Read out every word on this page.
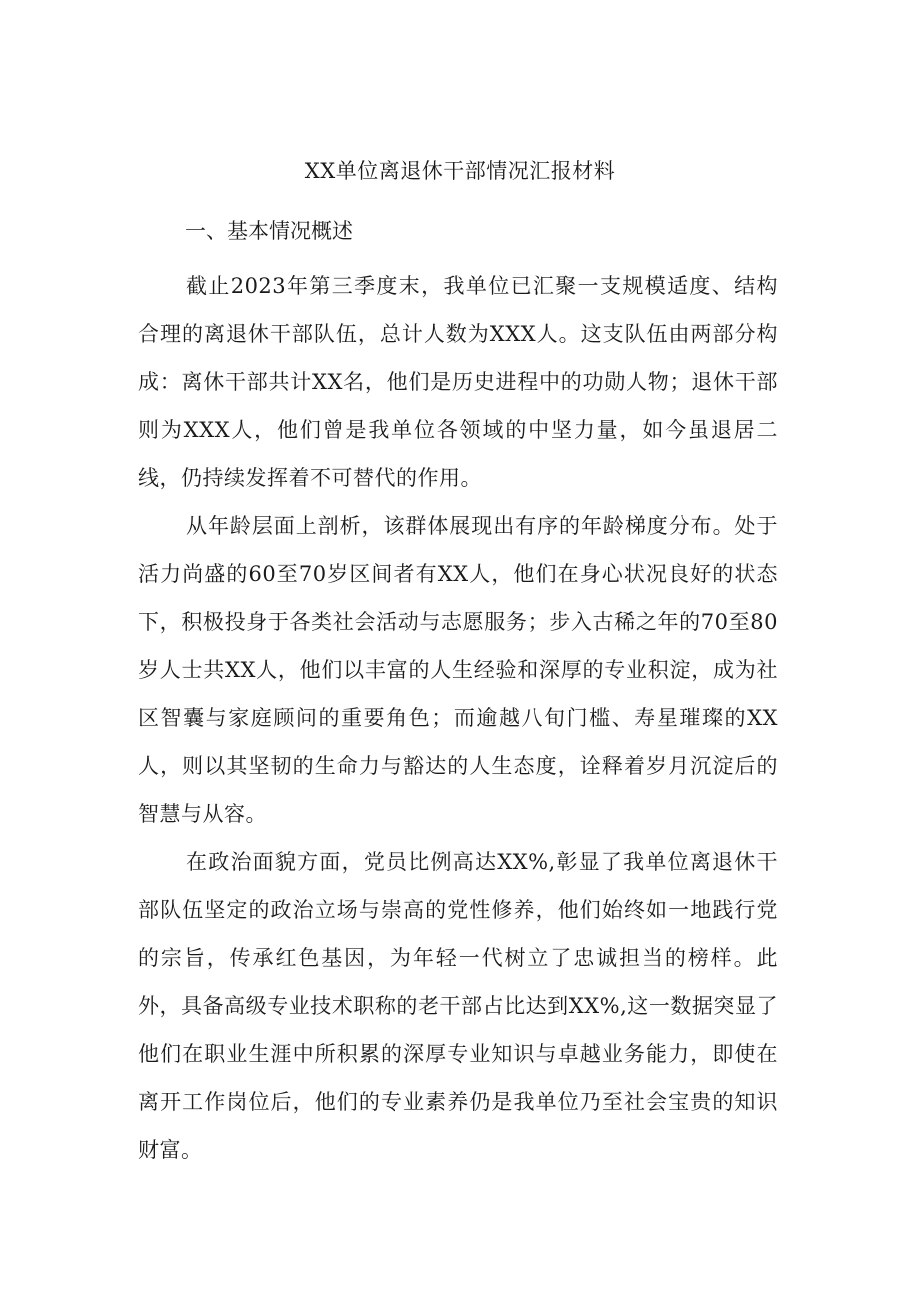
XX单位离退休干部情况汇报材料
一、基本情况概述

截止2023年第三季度末，我单位已汇聚一支规模适度、结构合理的离退休干部队伍，总计人数为XXX人。这支队伍由两部分构成：离休干部共计XX名，他们是历史进程中的功勋人物；退休干部则为XXX人，他们曾是我单位各领域的中坚力量，如今虽退居二线，仍持续发挥着不可替代的作用。

从年龄层面上剖析，该群体展现出有序的年龄梯度分布。处于活力尚盛的60至70岁区间者有XX人，他们在身心状况良好的状态下，积极投身于各类社会活动与志愿服务；步入古稀之年的70至80岁人士共XX人，他们以丰富的人生经验和深厚的专业积淀，成为社区智囊与家庭顾问的重要角色；而逾越八旬门槛、寿星璀璨的XX人，则以其坚韧的生命力与豁达的人生态度，诠释着岁月沉淀后的智慧与从容。

在政治面貌方面，党员比例高达XX%,彰显了我单位离退休干部队伍坚定的政治立场与崇高的党性修养，他们始终如一地践行党的宗旨，传承红色基因，为年轻一代树立了忠诚担当的榜样。此外，具备高级专业技术职称的老干部占比达到XX%,这一数据突显了他们在职业生涯中所积累的深厚专业知识与卓越业务能力，即使在离开工作岗位后，他们的专业素养仍是我单位乃至社会宝贵的知识财富。
